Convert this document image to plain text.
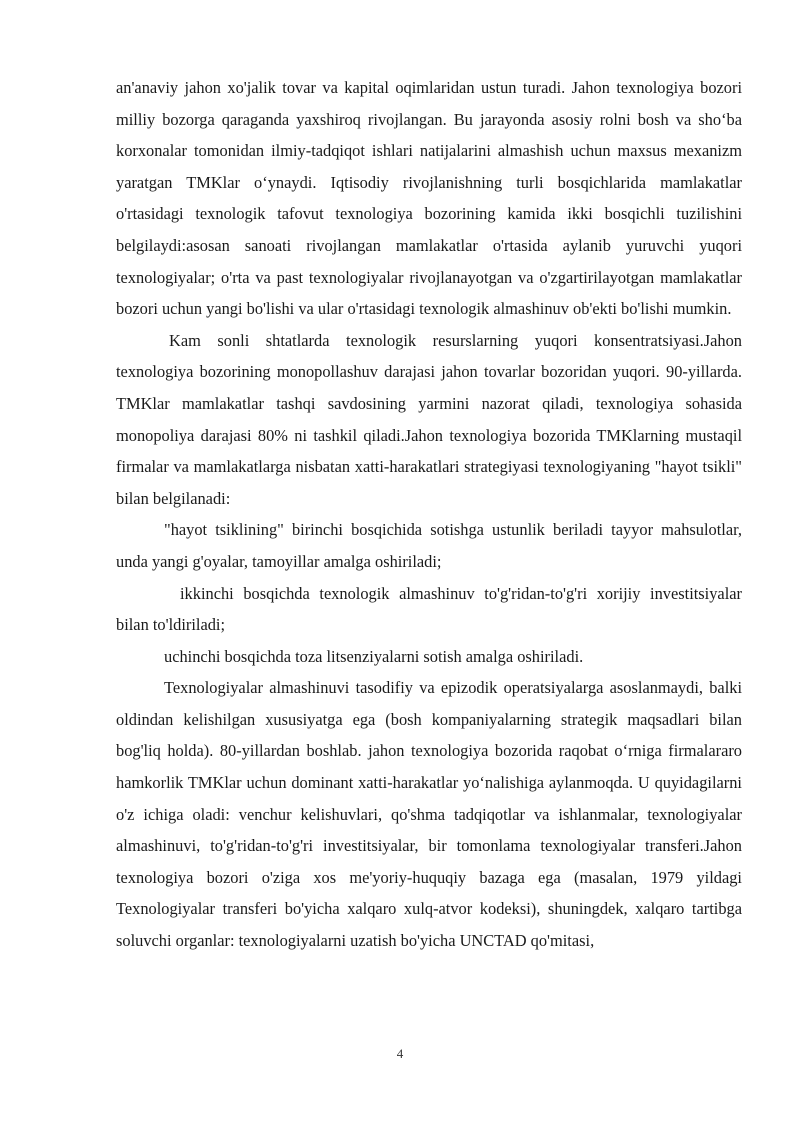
an'anaviy jahon xo'jalik tovar va kapital oqimlaridan ustun turadi. Jahon texnologiya bozori milliy bozorga qaraganda yaxshiroq rivojlangan. Bu jarayonda asosiy rolni bosh va sho‘ba korxonalar tomonidan ilmiy-tadqiqot ishlari natijalarini almashish uchun maxsus mexanizm yaratgan TMKlar o‘ynaydi. Iqtisodiy rivojlanishning turli bosqichlarida mamlakatlar o'rtasidagi texnologik tafovut texnologiya bozorining kamida ikki bosqichli tuzilishini belgilaydi:asosan sanoati rivojlangan mamlakatlar o'rtasida aylanib yuruvchi yuqori texnologiyalar; o'rta va past texnologiyalar rivojlanayotgan va o'zgartirilayotgan mamlakatlar bozori uchun yangi bo'lishi va ular o'rtasidagi texnologik almashinuv ob'ekti bo'lishi mumkin.

Kam sonli shtatlarda texnologik resurslarning yuqori konsentratsiyasi.Jahon texnologiya bozorining monopollashuv darajasi jahon tovarlar bozoridan yuqori. 90-yillarda. TMKlar mamlakatlar tashqi savdosining yarmini nazorat qiladi, texnologiya sohasida monopoliya darajasi 80% ni tashkil qiladi.Jahon texnologiya bozorida TMKlarning mustaqil firmalar va mamlakatlarga nisbatan xatti-harakatlari strategiyasi texnologiyaning "hayot tsikli" bilan belgilanadi:

"hayot tsiklining" birinchi bosqichida sotishga ustunlik beriladi tayyor mahsulotlar, unda yangi g'oyalar, tamoyillar amalga oshiriladi;

ikkinchi bosqichda texnologik almashinuv to'g'ridan-to'g'ri xorijiy investitsiyalar bilan to'ldiriladi;

uchinchi bosqichda toza litsenziyalarni sotish amalga oshiriladi.

Texnologiyalar almashinuvi tasodifiy va epizodik operatsiyalarga asoslanmaydi, balki oldindan kelishilgan xususiyatga ega (bosh kompaniyalarning strategik maqsadlari bilan bog'liq holda). 80-yillardan boshlab. jahon texnologiya bozorida raqobat o‘rniga firmalararo hamkorlik TMKlar uchun dominant xatti-harakatlar yo‘nalishiga aylanmoqda. U quyidagilarni o'z ichiga oladi: venchur kelishuvlari, qo'shma tadqiqotlar va ishlanmalar, texnologiyalar almashinuvi, to'g'ridan-to'g'ri investitsiyalar, bir tomonlama texnologiyalar transferi.Jahon texnologiya bozori o'ziga xos me'yoriy-huquqiy bazaga ega (masalan, 1979 yildagi Texnologiyalar transferi bo'yicha xalqaro xulq-atvor kodeksi), shuningdek, xalqaro tartibga soluvchi organlar: texnologiyalarni uzatish bo'yicha UNCTAD qo'mitasi,

4
